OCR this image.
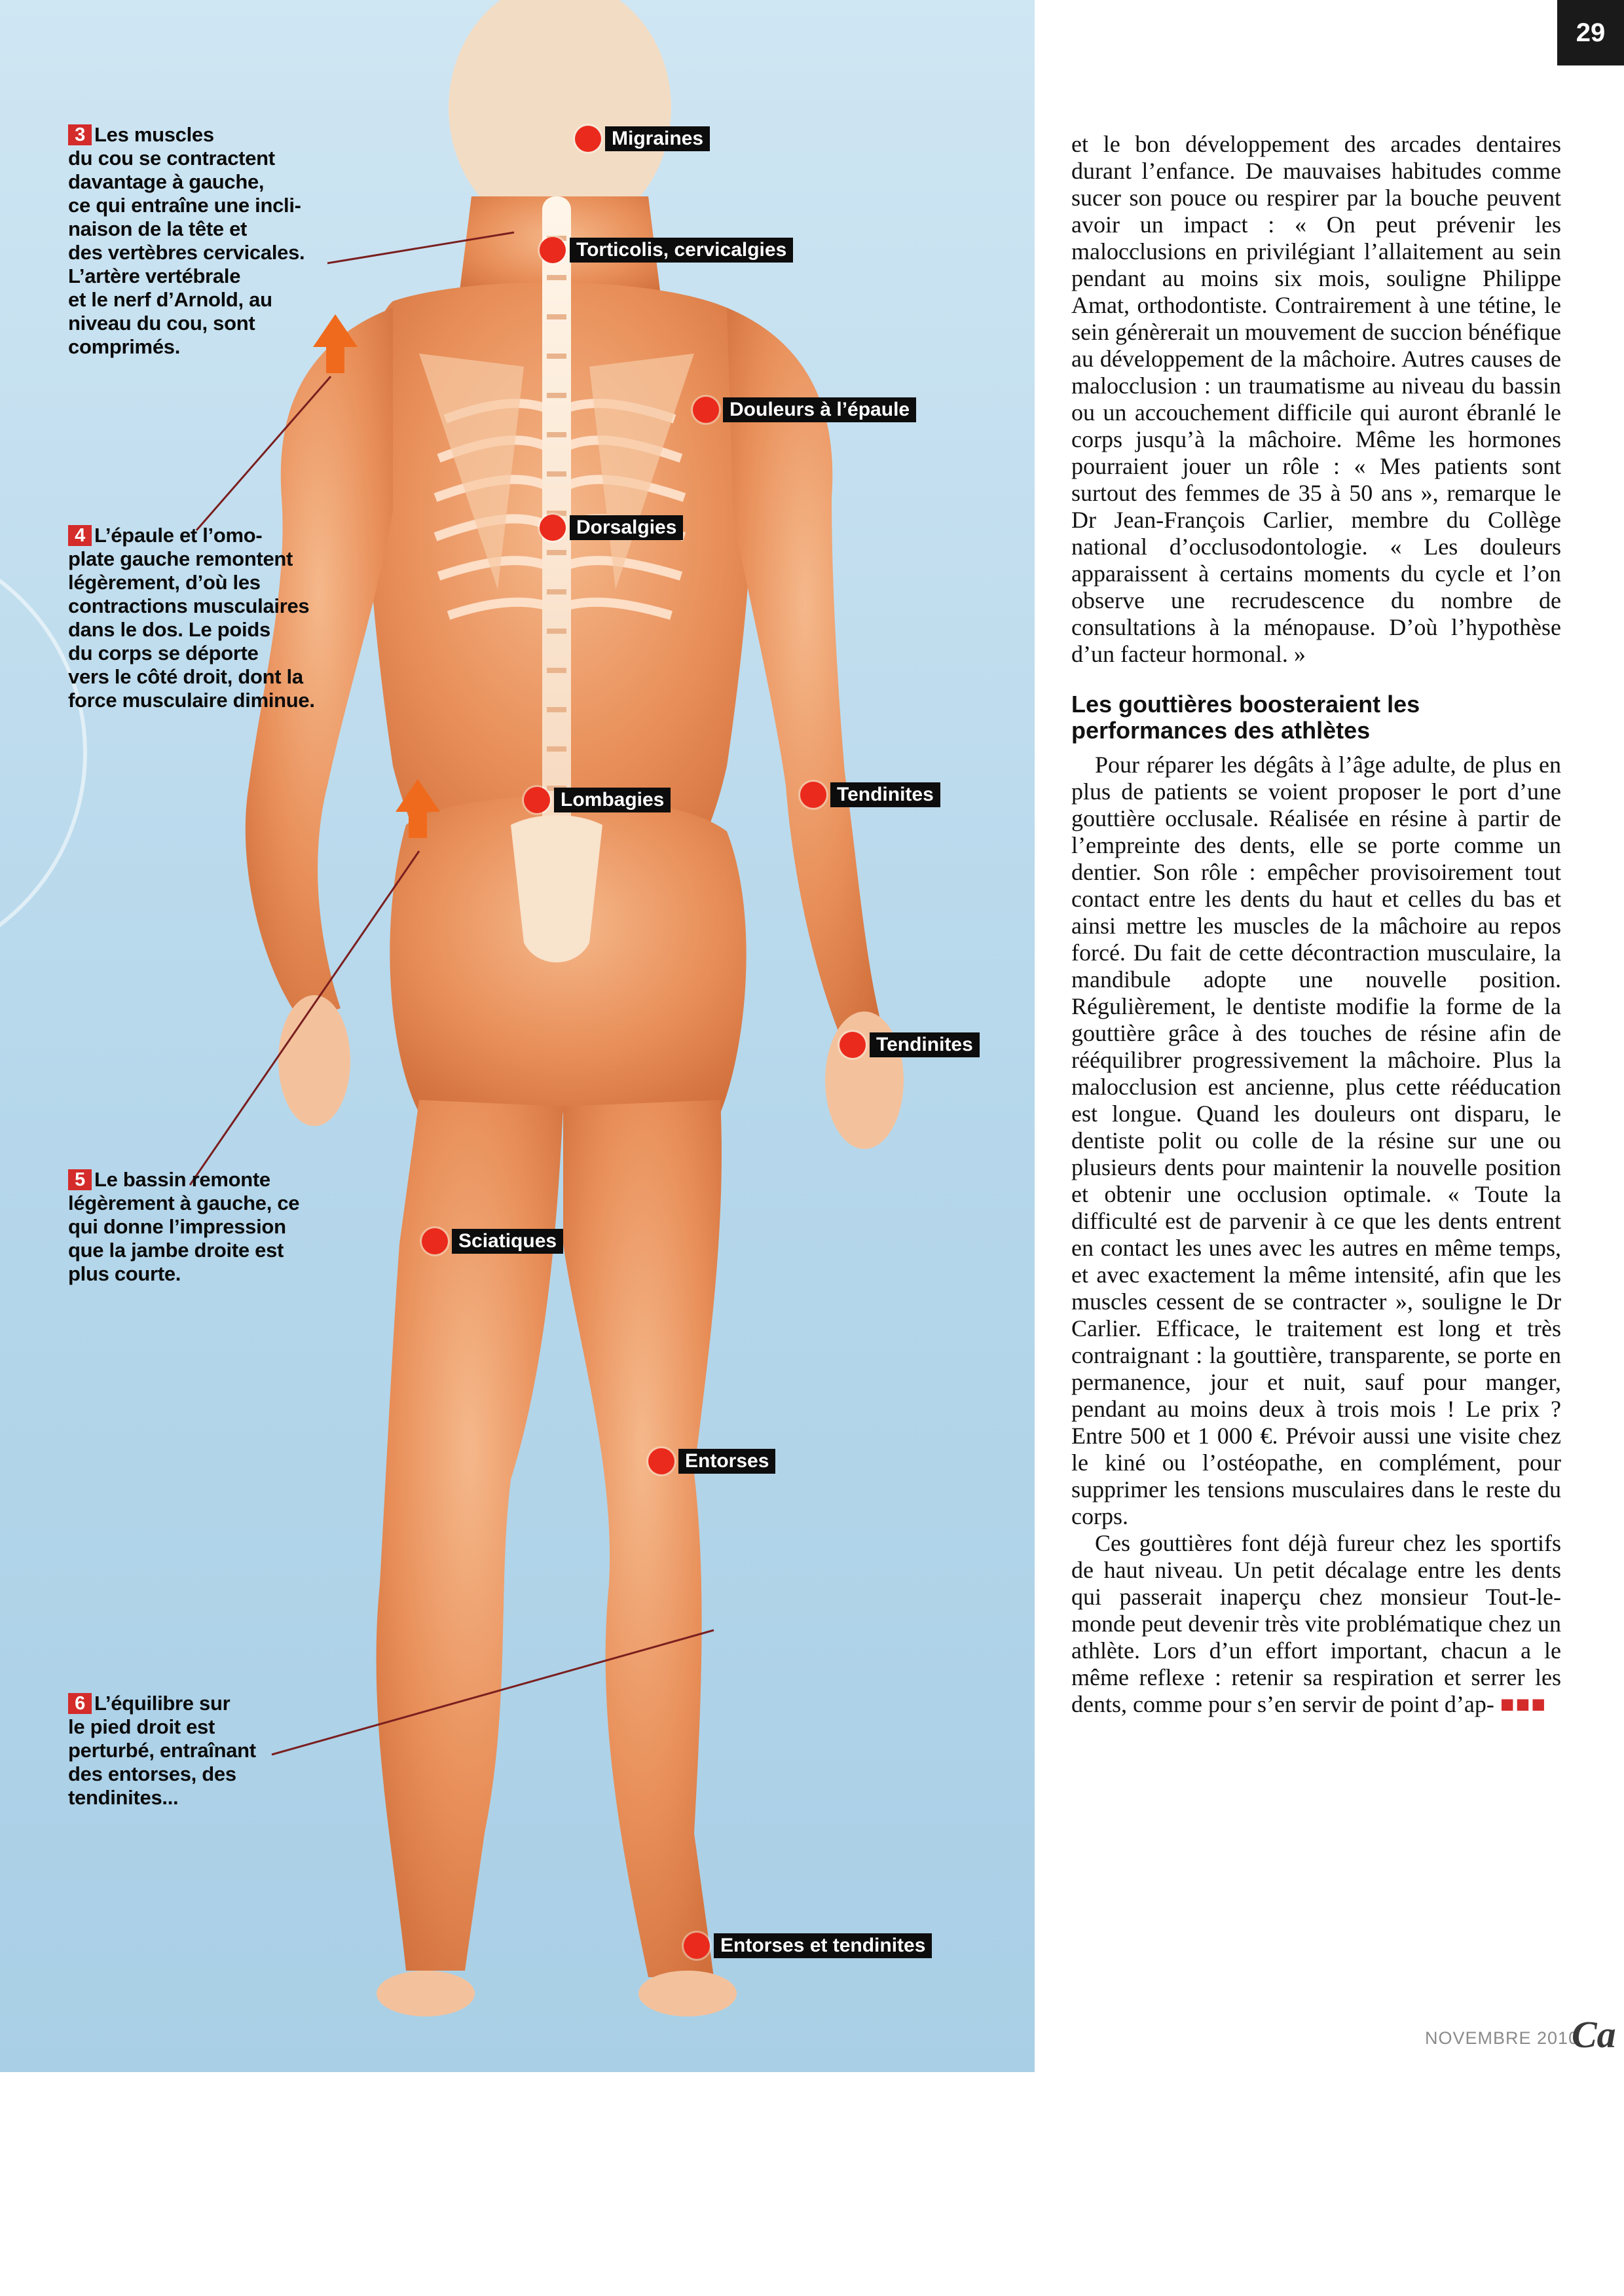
3 Les muscles
du cou se contractent
davantage à gauche,
ce qui entraîne une incli-
naison de la tête et
des vertèbres cervicales.
L’artère vertébrale
et le nerf d’Arnold, au
niveau du cou, sont
comprimés.
4 L’épaule et l’omo-
plate gauche remontent
légèrement, d’où les
contractions musculaires
dans le dos. Le poids
du corps se déporte
vers le côté droit, dont la
force musculaire diminue.
5 Le bassin remonte
légèrement à gauche, ce
qui donne l’impression
que la jambe droite est
plus courte.
6 L’équilibre sur
le pied droit est
perturbé, entraînant
des entorses, des
tendinites...
Migraines
Torticolis, cervicalgies
Douleurs à l’épaule
Dorsalgies
Lombagies	Tendinites
Tendinites
Sciatiques
Entorses
Entorses et tendinites
29

et le bon développement des arcades dentaires durant l’enfance. De mauvaises habitudes comme sucer son pouce ou respirer par la bouche peuvent avoir un impact : « On peut prévenir les malocclusions en privilégiant l’allaitement au sein pendant au moins six mois, souligne Philippe Amat, orthodontiste. Contrairement à une tétine, le sein génèrerait un mouvement de succion bénéfique au développement de la mâchoire. Autres causes de malocclusion : un traumatisme au niveau du bassin ou un accouchement difficile qui auront ébranlé le corps jusqu’à la mâchoire. Même les hormones pourraient jouer un rôle : « Mes patients sont surtout des femmes de 35 à 50 ans », remarque le Dr Jean-François Carlier, membre du Collège national d’occlusodontologie. « Les douleurs apparaissent à certains moments du cycle et l’on observe une recrudescence du nombre de consultations à la ménopause. D’où l’hypothèse d’un facteur hormonal. »

Les gouttières boosteraient les performances des athlètes

Pour réparer les dégâts à l’âge adulte, de plus en plus de patients se voient proposer le port d’une gouttière occlusale. Réalisée en résine à partir de l’empreinte des dents, elle se porte comme un dentier. Son rôle : empêcher provisoirement tout contact entre les dents du haut et celles du bas et ainsi mettre les muscles de la mâchoire au repos forcé. Du fait de cette décontraction musculaire, la mandibule adopte une nouvelle position. Régulièrement, le dentiste modifie la forme de la gouttière grâce à des touches de résine afin de rééquilibrer progressivement la mâchoire. Plus la malocclusion est ancienne, plus cette rééducation est longue. Quand les douleurs ont disparu, le dentiste polit ou colle de la résine sur une ou plusieurs dents pour maintenir la nouvelle position et obtenir une occlusion optimale. « Toute la difficulté est de parvenir à ce que les dents entrent en contact les unes avec les autres en même temps, et avec exactement la même intensité, afin que les muscles cessent de se contracter », souligne le Dr Carlier. Efficace, le traitement est long et très contraignant : la gouttière, transparente, se porte en permanence, jour et nuit, sauf pour manger, pendant au moins deux à trois mois ! Le prix ? Entre 500 et 1 000 €. Prévoir aussi une visite chez le kiné ou l’ostéopathe, en complément, pour supprimer les tensions musculaires dans le reste du corps.

Ces gouttières font déjà fureur chez les sportifs de haut niveau. Un petit décalage entre les dents qui passerait inaperçu chez monsieur Tout-le-monde peut devenir très vite problématique chez un athlète. Lors d’un effort important, chacun a le même reflexe : retenir sa respiration et serrer les dents, comme pour s’en servir de point d’ap- ■■■

NOVEMBRE 2010
Ca
